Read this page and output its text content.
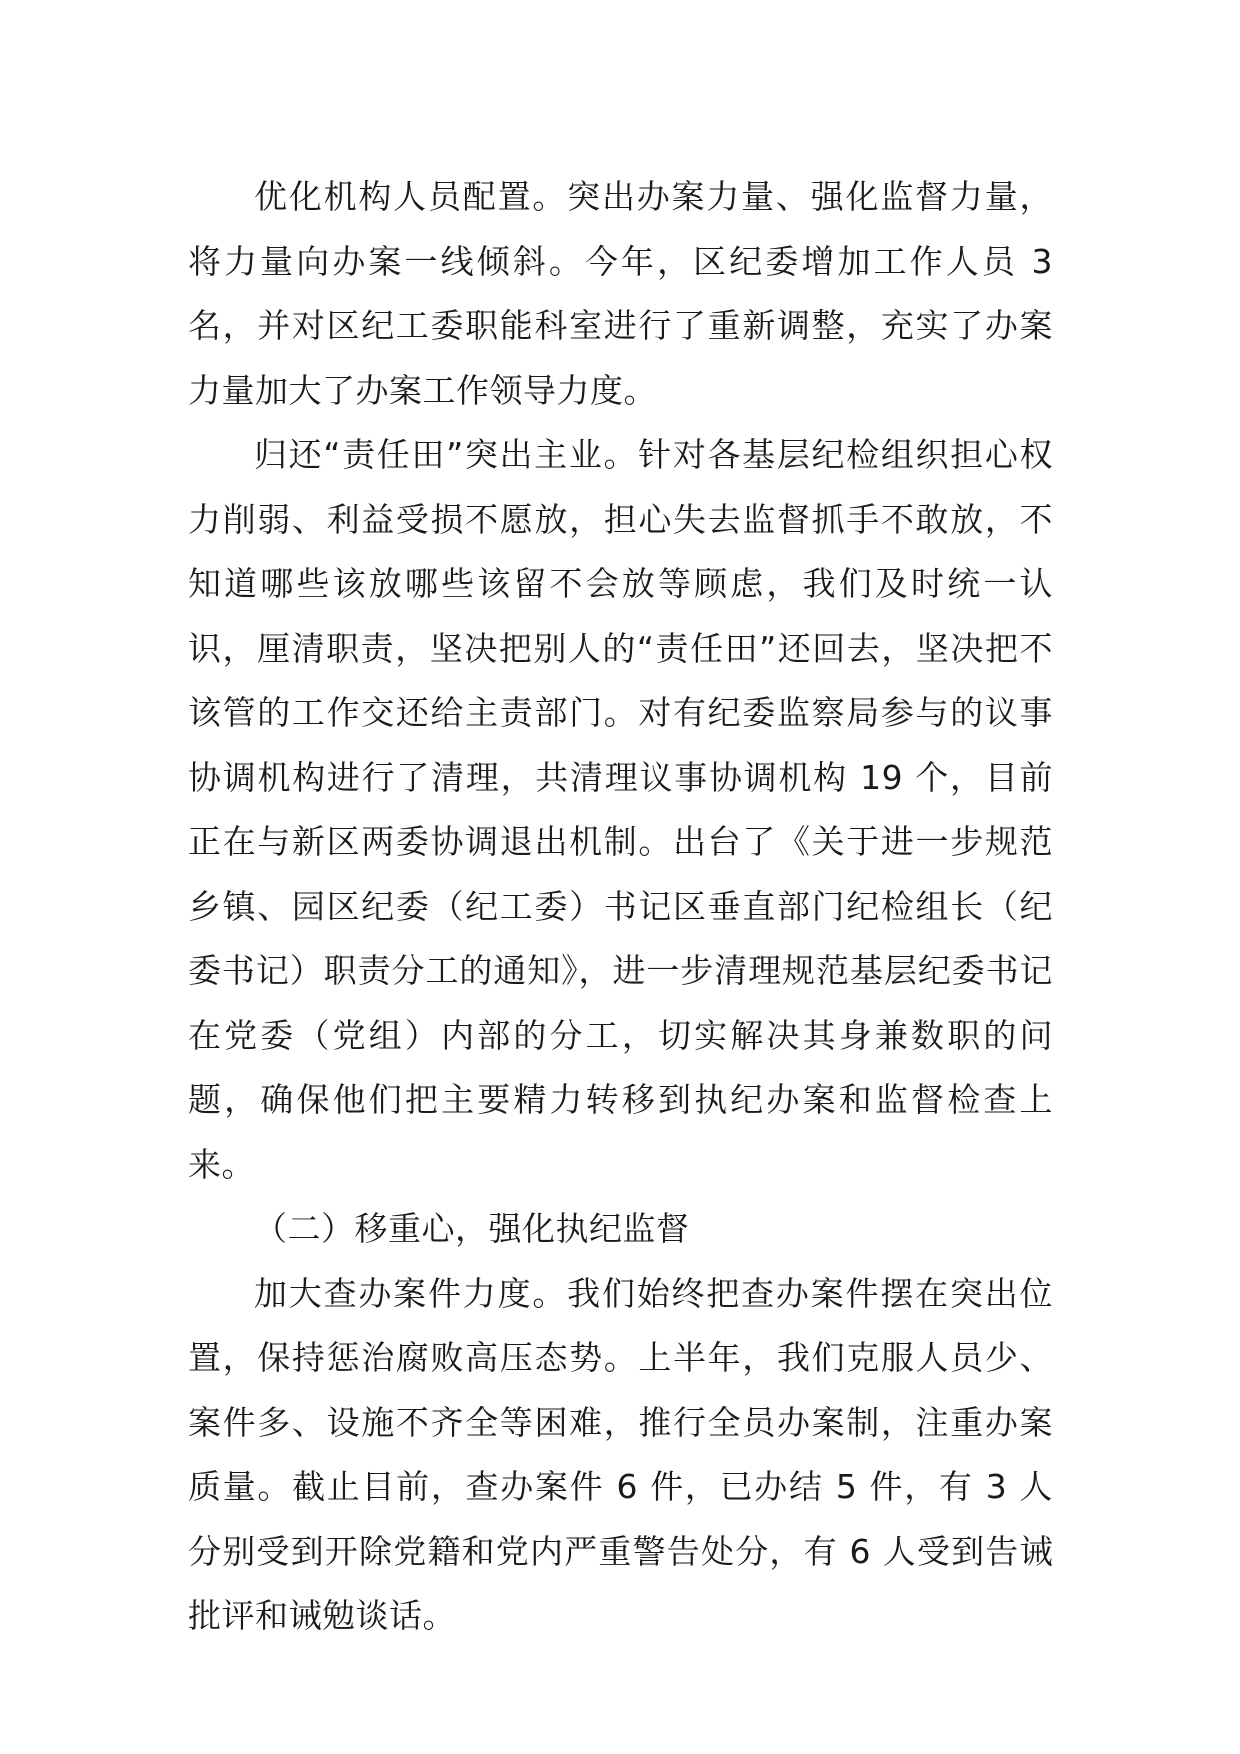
优化机构人员配置。突出办案力量、强化监督力量，将力量向办案一线倾斜。今年，区纪委增加工作人员 3 名，并对区纪工委职能科室进行了重新调整，充实了办案力量加大了办案工作领导力度。

归还“责任田”突出主业。针对各基层纪检组织担心权力削弱、利益受损不愿放，担心失去监督抓手不敢放，不知道哪些该放哪些该留不会放等顾虑，我们及时统一认识，厘清职责，坚决把别人的“责任田”还回去，坚决把不该管的工作交还给主责部门。对有纪委监察局参与的议事协调机构进行了清理，共清理议事协调机构 19 个，目前正在与新区两委协调退出机制。出台了《关于进一步规范乡镇、园区纪委（纪工委）书记区垂直部门纪检组长（纪委书记）职责分工的通知》，进一步清理规范基层纪委书记在党委（党组）内部的分工，切实解决其身兼数职的问题，确保他们把主要精力转移到执纪办案和监督检查上来。

（二）移重心，强化执纪监督

加大查办案件力度。我们始终把查办案件摆在突出位置，保持惩治腐败高压态势。上半年，我们克服人员少、案件多、设施不齐全等困难，推行全员办案制，注重办案质量。截止目前，查办案件 6 件，已办结 5 件，有 3 人分别受到开除党籍和党内严重警告处分，有 6 人受到告诫批评和诫勉谈话。
